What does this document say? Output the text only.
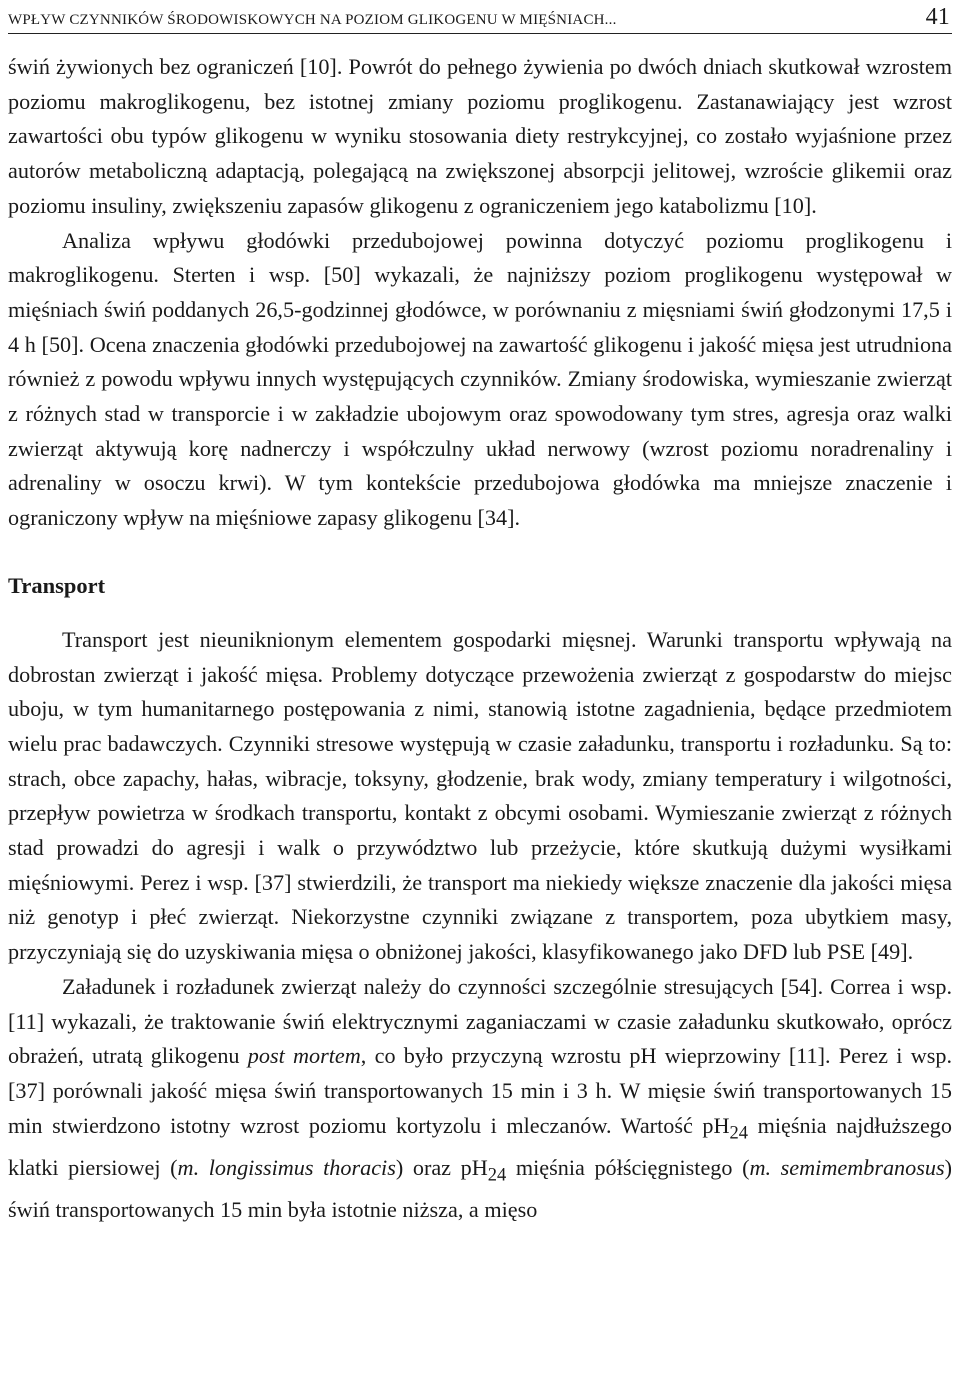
WPŁYW CZYNNIKÓW ŚRODOWISKOWYCH NA POZIOM GLIKOGENU W MIĘŚNIACH...	41

świń żywionych bez ograniczeń [10]. Powrót do pełnego żywienia po dwóch dniach skutkował wzrostem poziomu makroglikogenu, bez istotnej zmiany poziomu proglikogenu. Zastanawiający jest wzrost zawartości obu typów glikogenu w wyniku stosowania diety restrykcyjnej, co zostało wyjaśnione przez autorów metaboliczną adaptacją, polegającą na zwiększonej absorpcji jelitowej, wzroście glikemii oraz poziomu insuliny, zwiększeniu zapasów glikogenu z ograniczeniem jego katabolizmu [10].

Analiza wpływu głodówki przedubojowej powinna dotyczyć poziomu proglikogenu i makroglikogenu. Sterten i wsp. [50] wykazali, że najniższy poziom proglikogenu występował w mięśniach świń poddanych 26,5-godzinnej głodówce, w porównaniu z mięsniami świń głodzonymi 17,5 i 4 h [50]. Ocena znaczenia głodówki przedubojowej na zawartość glikogenu i jakość mięsa jest utrudniona również z powodu wpływu innych występujących czynników. Zmiany środowiska, wymieszanie zwierząt z różnych stad w transporcie i w zakładzie ubojowym oraz spowodowany tym stres, agresja oraz walki zwierząt aktywują korę nadnerczy i współczulny układ nerwowy (wzrost poziomu noradrenaliny i adrenaliny w osoczu krwi). W tym kontekście przedubojowa głodówka ma mniejsze znaczenie i ograniczony wpływ na mięśniowe zapasy glikogenu [34].

Transport

Transport jest nieuniknionym elementem gospodarki mięsnej. Warunki transportu wpływają na dobrostan zwierząt i jakość mięsa. Problemy dotyczące przewożenia zwierząt z gospodarstw do miejsc uboju, w tym humanitarnego postępowania z nimi, stanowią istotne zagadnienia, będące przedmiotem wielu prac badawczych. Czynniki stresowe występują w czasie załadunku, transportu i rozładunku. Są to: strach, obce zapachy, hałas, wibracje, toksyny, głodzenie, brak wody, zmiany temperatury i wilgotności, przepływ powietrza w środkach transportu, kontakt z obcymi osobami. Wymieszanie zwierząt z różnych stad prowadzi do agresji i walk o przywództwo lub przeżycie, które skutkują dużymi wysiłkami mięśniowymi. Perez i wsp. [37] stwierdzili, że transport ma niekiedy większe znaczenie dla jakości mięsa niż genotyp i płeć zwierząt. Niekorzystne czynniki związane z transportem, poza ubytkiem masy, przyczyniają się do uzyskiwania mięsa o obniżonej jakości, klasyfikowanego jako DFD lub PSE [49].

Załadunek i rozładunek zwierząt należy do czynności szczególnie stresujących [54]. Correa i wsp. [11] wykazali, że traktowanie świń elektrycznymi zaganiaczami w czasie załadunku skutkowało, oprócz obrażeń, utratą glikogenu post mortem, co było przyczyną wzrostu pH wieprzowiny [11]. Perez i wsp. [37] porównali jakość mięsa świń transportowanych 15 min i 3 h. W mięsie świń transportowanych 15 min stwierdzono istotny wzrost poziomu kortyzolu i mleczanów. Wartość $pH_{24}$ mięśnia najdłuższego klatki piersiowej (m. longissimus thoracis) oraz $pH_{24}$ mięśnia półścięgnistego (m. semimembranosus) świń transportowanych 15 min była istotnie niższa, a mięso
